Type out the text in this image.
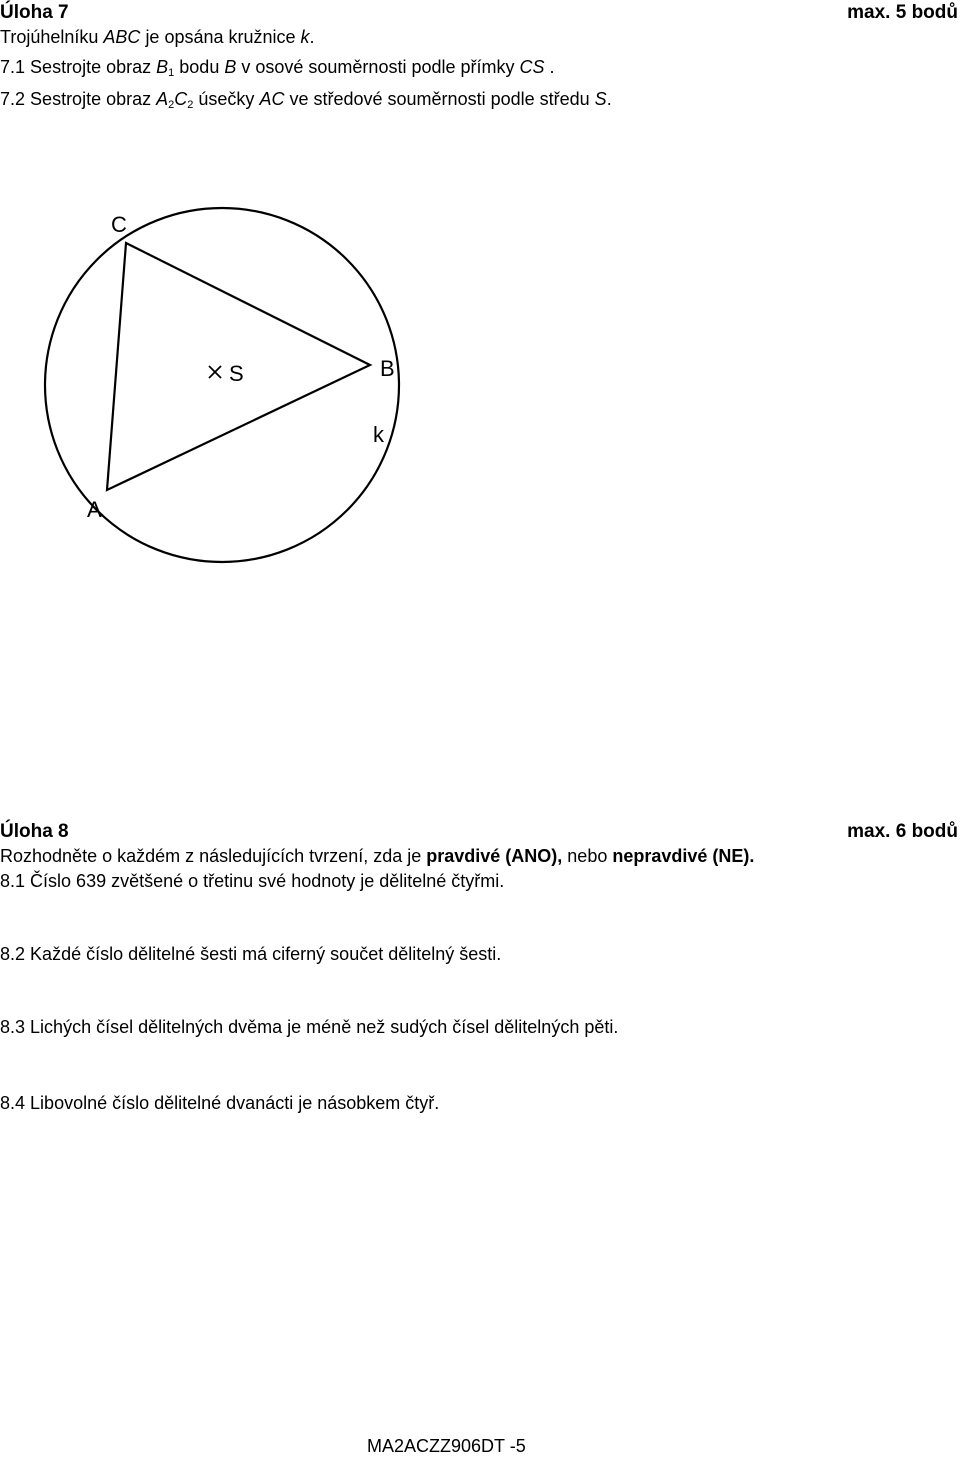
Úloha 7	max. 5 bodů
Trojúhelníku ABC je opsána kružnice k.
7.1 Sestrojte obraz $B_1$ bodu B v osové souměrnosti podle přímky CS .
7.2 Sestrojte obraz $A_2C_2$ úsečky AC ve středové souměrnosti podle středu S.
C
S	B
k
A
Úloha 8	max. 6 bodů
Rozhodněte o každém z následujících tvrzení, zda je pravdivé (ANO), nebo nepravdivé (NE).
8.1 Číslo 639 zvětšené o třetinu své hodnoty je dělitelné čtyřmi.
8.2 Každé číslo dělitelné šesti má ciferný součet dělitelný šesti.
8.3 Lichých čísel dělitelných dvěma je méně než sudých čísel dělitelných pěti.
8.4 Libovolné číslo dělitelné dvanácti je násobkem čtyř.
MA2ACZZ906DT -5
